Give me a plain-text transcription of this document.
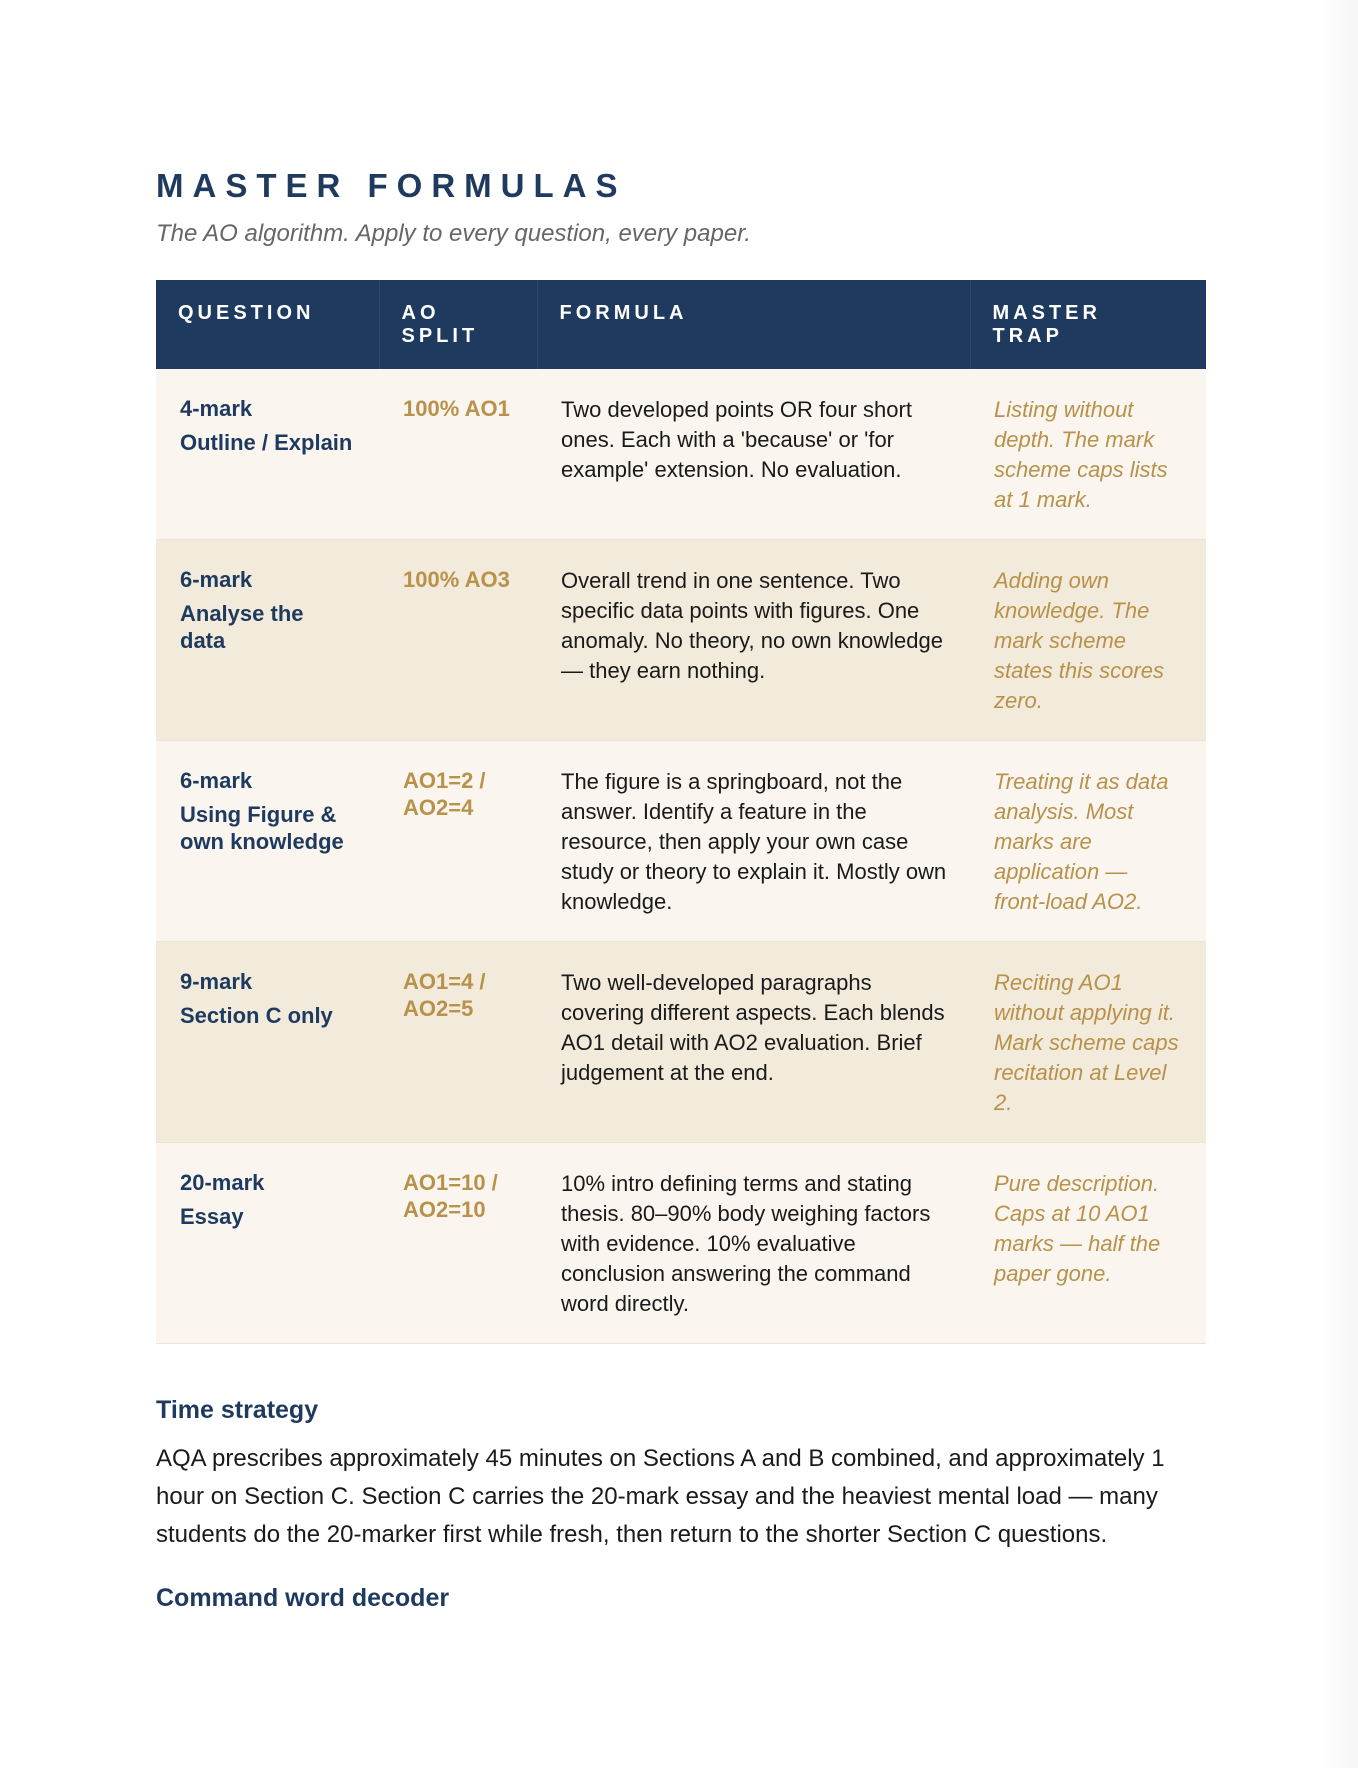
MASTER FORMULAS

The AO algorithm. Apply to every question, every paper.

QUESTION	AO SPLIT	FORMULA	MASTER TRAP

4-mark
Outline / Explain	100% AO1	Two developed points OR four short ones. Each with a 'because' or 'for example' extension. No evaluation.	Listing without depth. The mark scheme caps lists at 1 mark.

6-mark
Analyse the data	100% AO3	Overall trend in one sentence. Two specific data points with figures. One anomaly. No theory, no own knowledge — they earn nothing.	Adding own knowledge. The mark scheme states this scores zero.

6-mark
Using Figure & own knowledge	AO1=2 / AO2=4	The figure is a springboard, not the answer. Identify a feature in the resource, then apply your own case study or theory to explain it. Mostly own knowledge.	Treating it as data analysis. Most marks are application — front-load AO2.

9-mark
Section C only	AO1=4 / AO2=5	Two well-developed paragraphs covering different aspects. Each blends AO1 detail with AO2 evaluation. Brief judgement at the end.	Reciting AO1 without applying it. Mark scheme caps recitation at Level 2.

20-mark
Essay	AO1=10 / AO2=10	10% intro defining terms and stating thesis. 80–90% body weighing factors with evidence. 10% evaluative conclusion answering the command word directly.	Pure description. Caps at 10 AO1 marks — half the paper gone.
Time strategy

AQA prescribes approximately 45 minutes on Sections A and B combined, and approximately 1 hour on Section C. Section C carries the 20-mark essay and the heaviest mental load — many students do the 20-marker first while fresh, then return to the shorter Section C questions.

Command word decoder
